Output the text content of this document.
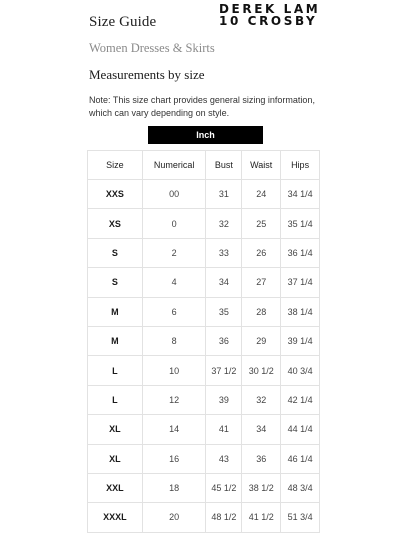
Size Guide
DEREK LAM
10 CROSBY
Women Dresses & Skirts
Measurements by size

Note: This size chart provides general sizing information, which can vary depending on style.

Inch
Size	Numerical	Bust	Waist	Hips
XXS	00	31	24	34 1/4
XS	0	32	25	35 1/4
S	2	33	26	36 1/4
S	4	34	27	37 1/4
M	6	35	28	38 1/4
M	8	36	29	39 1/4
L	10	37 1/2	30 1/2	40 3/4
L	12	39	32	42 1/4
XL	14	41	34	44 1/4
XL	16	43	36	46 1/4
XXL	18	45 1/2	38 1/2	48 3/4
XXXL	20	48 1/2	41 1/2	51 3/4
